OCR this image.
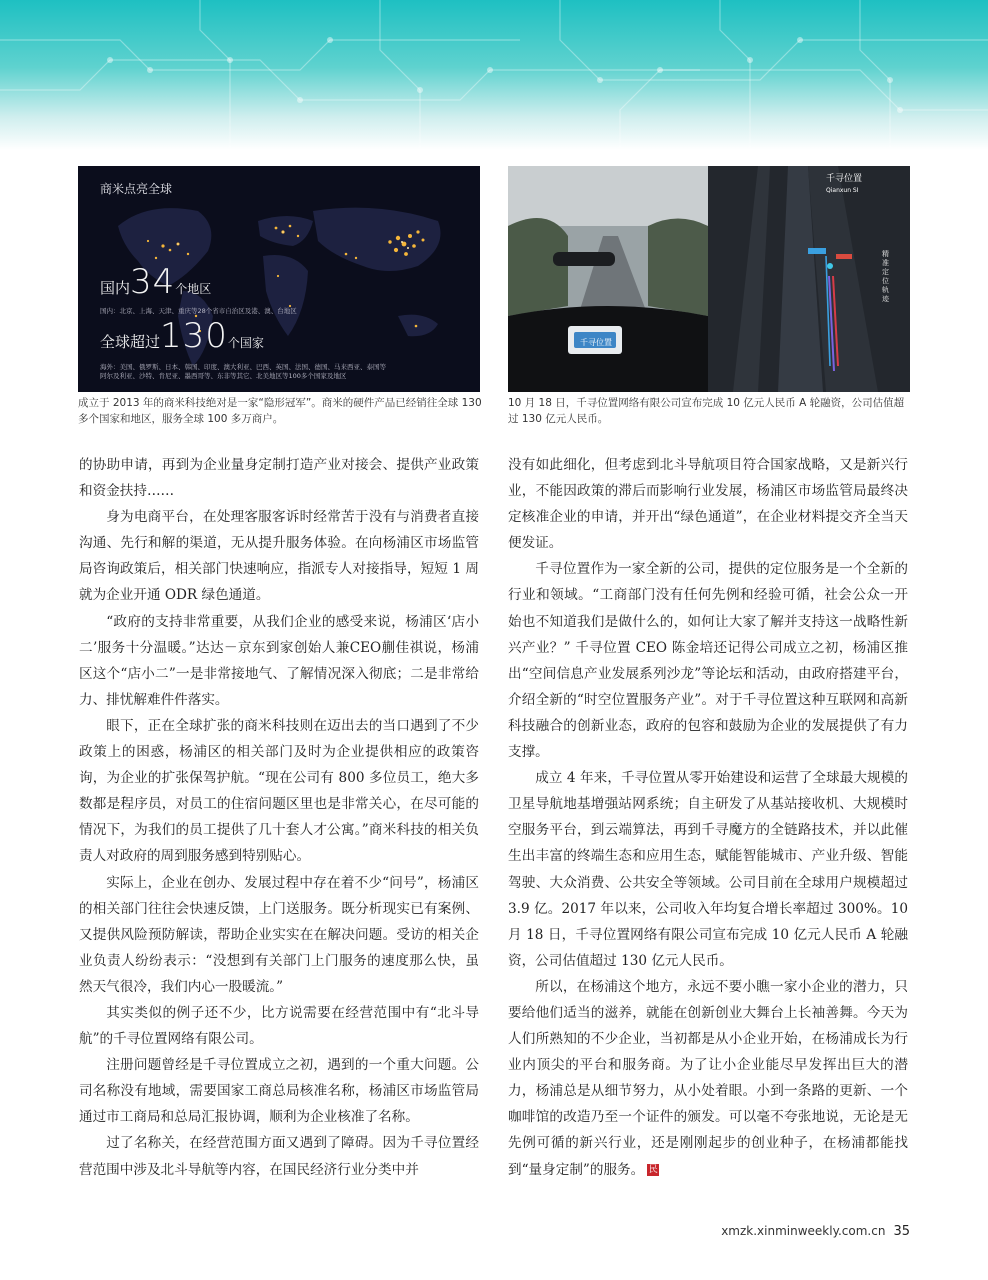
商米点亮全球
国内34个地区
国内：北京、上海、天津、重庆等28个省市自治区及港、澳、台地区
全球超过130个国家
海外：美国、俄罗斯、日本、韩国、印度、澳大利亚、巴西、英国、法国、德国、马来西亚、泰国等
阿尔及利亚、沙特、肯尼亚、墨西哥等、东非等其它、北美地区等100多个国家及地区
千寻位置
Qianxun SI
千寻位置
精准定位轨迹
成立于 2013 年的商米科技绝对是一家“隐形冠军”。商米的硬件产品已经销往全球 130 多个国家和地区，服务全球 100 多万商户。
10 月 18 日，千寻位置网络有限公司宣布完成 10 亿元人民币 A 轮融资，公司估值超过 130 亿元人民币。

的协助申请，再到为企业量身定制打造产业对接会、提供产业政策和资金扶持……

身为电商平台，在处理客服客诉时经常苦于没有与消费者直接沟通、先行和解的渠道，无从提升服务体验。在向杨浦区市场监管局咨询政策后，相关部门快速响应，指派专人对接指导，短短 1 周就为企业开通 ODR 绿色通道。

“政府的支持非常重要，从我们企业的感受来说，杨浦区‘店小二’服务十分温暖。”达达－京东到家创始人兼CEO蒯佳祺说，杨浦区这个“店小二”一是非常接地气、了解情况深入彻底；二是非常给力、排忧解难件件落实。

眼下，正在全球扩张的商米科技则在迈出去的当口遇到了不少政策上的困惑，杨浦区的相关部门及时为企业提供相应的政策咨询，为企业的扩张保驾护航。“现在公司有 800 多位员工，绝大多数都是程序员，对员工的住宿问题区里也是非常关心，在尽可能的情况下，为我们的员工提供了几十套人才公寓。”商米科技的相关负责人对政府的周到服务感到特别贴心。

实际上，企业在创办、发展过程中存在着不少“问号”，杨浦区的相关部门往往会快速反馈，上门送服务。既分析现实已有案例、又提供风险预防解读，帮助企业实实在在解决问题。受访的相关企业负责人纷纷表示：“没想到有关部门上门服务的速度那么快，虽然天气很冷，我们内心一股暖流。”

其实类似的例子还不少，比方说需要在经营范围中有“北斗导航”的千寻位置网络有限公司。

注册问题曾经是千寻位置成立之初，遇到的一个重大问题。公司名称没有地域，需要国家工商总局核准名称，杨浦区市场监管局通过市工商局和总局汇报协调，顺利为企业核准了名称。

过了名称关，在经营范围方面又遇到了障碍。因为千寻位置经营范围中涉及北斗导航等内容，在国民经济行业分类中并

没有如此细化，但考虑到北斗导航项目符合国家战略，又是新兴行业，不能因政策的滞后而影响行业发展，杨浦区市场监管局最终决定核准企业的申请，并开出“绿色通道”，在企业材料提交齐全当天便发证。

千寻位置作为一家全新的公司，提供的定位服务是一个全新的行业和领域。“工商部门没有任何先例和经验可循，社会公众一开始也不知道我们是做什么的，如何让大家了解并支持这一战略性新兴产业？” 千寻位置 CEO 陈金培还记得公司成立之初，杨浦区推出“空间信息产业发展系列沙龙”等论坛和活动，由政府搭建平台，介绍全新的“时空位置服务产业”。对于千寻位置这种互联网和高新科技融合的创新业态，政府的包容和鼓励为企业的发展提供了有力支撑。

成立 4 年来，千寻位置从零开始建设和运营了全球最大规模的卫星导航地基增强站网系统；自主研发了从基站接收机、大规模时空服务平台，到云端算法，再到千寻魔方的全链路技术，并以此催生出丰富的终端生态和应用生态，赋能智能城市、产业升级、智能驾驶、大众消费、公共安全等领域。公司目前在全球用户规模超过 3.9 亿。2017 年以来，公司收入年均复合增长率超过 300%。10 月 18 日，千寻位置网络有限公司宣布完成 10 亿元人民币 A 轮融资，公司估值超过 130 亿元人民币。

所以，在杨浦这个地方，永远不要小瞧一家小企业的潜力，只要给他们适当的滋养，就能在创新创业大舞台上长袖善舞。今天为人们所熟知的不少企业，当初都是从小企业开始，在杨浦成长为行业内顶尖的平台和服务商。为了让小企业能尽早发挥出巨大的潜力，杨浦总是从细节努力，从小处着眼。小到一条路的更新、一个咖啡馆的改造乃至一个证件的颁发。可以毫不夸张地说，无论是无先例可循的新兴行业，还是刚刚起步的创业种子，在杨浦都能找到“量身定制”的服务。 民

xmzk.xinminweekly.com.cn 35
